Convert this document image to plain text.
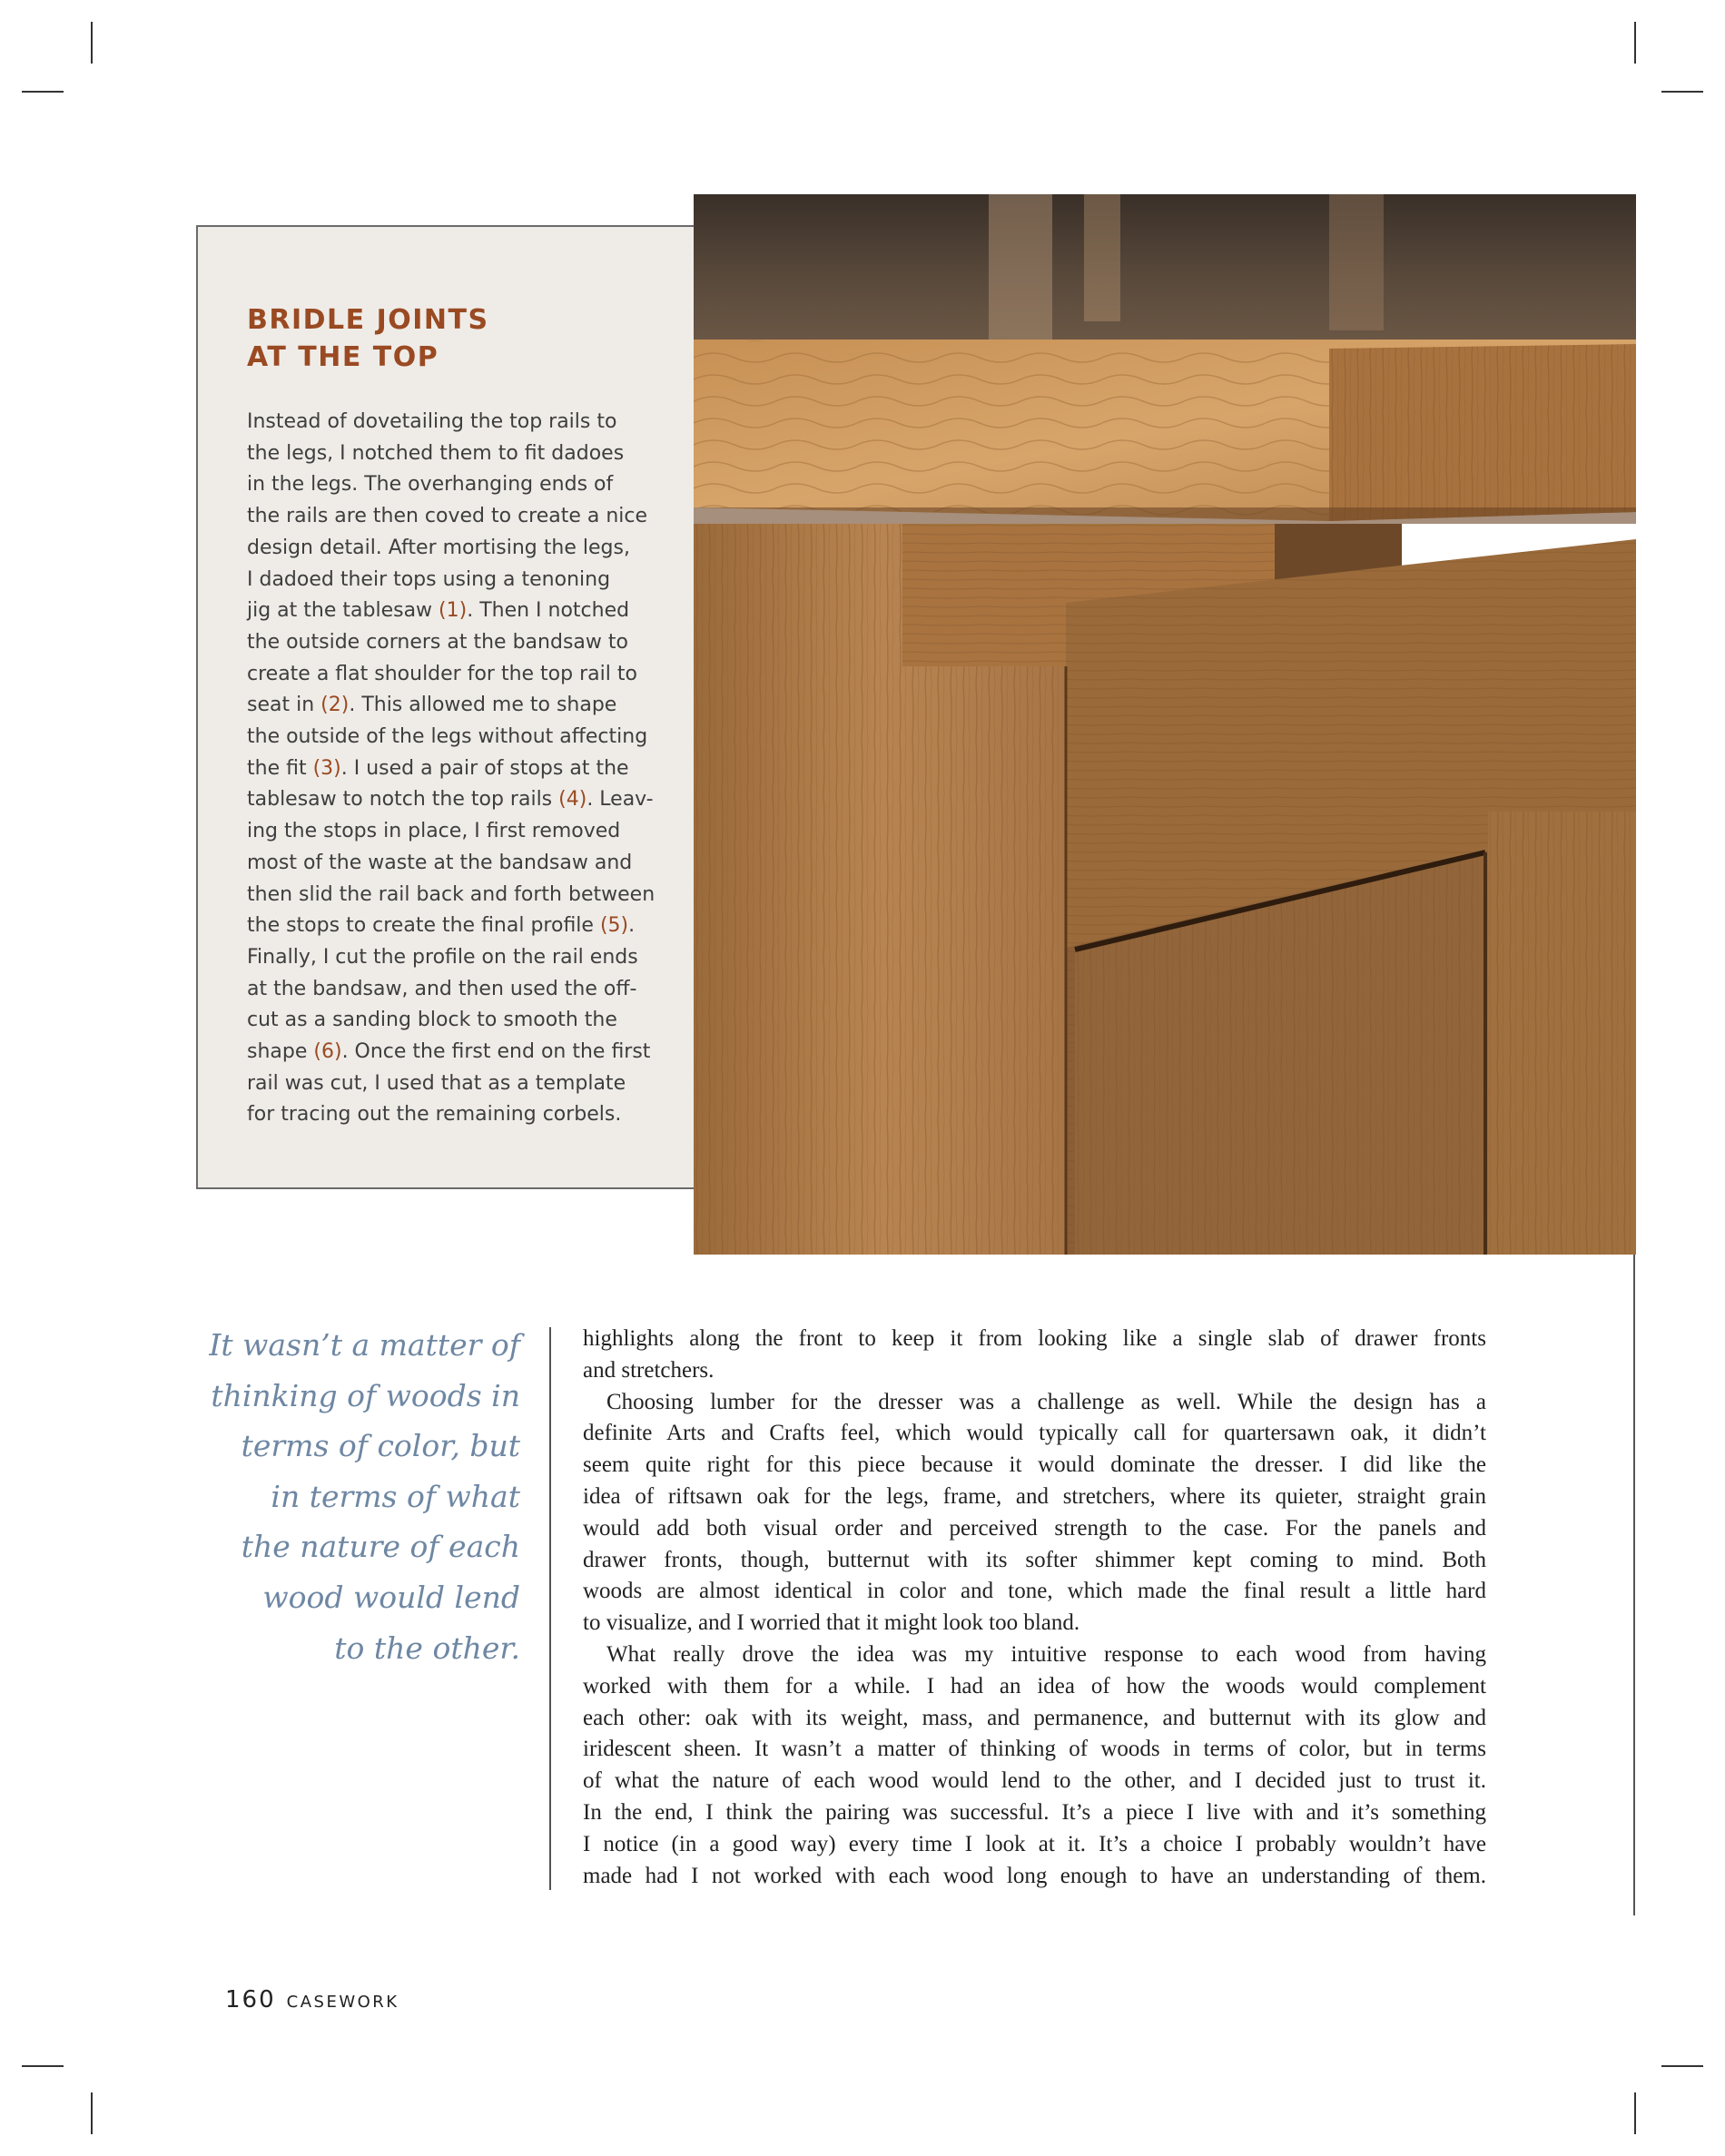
BRIDLE JOINTS
AT THE TOP

Instead of dovetailing the top rails to
the legs, I notched them to fit dadoes
in the legs. The overhanging ends of
the rails are then coved to create a nice
design detail. After mortising the legs,
I dadoed their tops using a tenoning
jig at the tablesaw (1). Then I notched
the outside corners at the bandsaw to
create a flat shoulder for the top rail to
seat in (2). This allowed me to shape
the outside of the legs without affecting
the fit (3). I used a pair of stops at the
tablesaw to notch the top rails (4). Leav-
ing the stops in place, I first removed
most of the waste at the bandsaw and
then slid the rail back and forth between
the stops to create the final profile (5).
Finally, I cut the profile on the rail ends
at the bandsaw, and then used the off-
cut as a sanding block to smooth the
shape (6). Once the first end on the first
rail was cut, I used that as a template
for tracing out the remaining corbels.

It wasn’t a matter of
thinking of woods in
terms of color, but
in terms of what
the nature of each
wood would lend
to the other.

highlights along the front to keep it from looking like a single slab of drawer fronts
and stretchers.
Choosing lumber for the dresser was a challenge as well. While the design has a
definite Arts and Crafts feel, which would typically call for quartersawn oak, it didn’t
seem quite right for this piece because it would dominate the dresser. I did like the
idea of riftsawn oak for the legs, frame, and stretchers, where its quieter, straight grain
would add both visual order and perceived strength to the case. For the panels and
drawer fronts, though, butternut with its softer shimmer kept coming to mind. Both
woods are almost identical in color and tone, which made the final result a little hard
to visualize, and I worried that it might look too bland.
What really drove the idea was my intuitive response to each wood from having
worked with them for a while. I had an idea of how the woods would complement
each other: oak with its weight, mass, and permanence, and butternut with its glow and
iridescent sheen. It wasn’t a matter of thinking of woods in terms of color, but in terms
of what the nature of each wood would lend to the other, and I decided just to trust it.
In the end, I think the pairing was successful. It’s a piece I live with and it’s something
I notice (in a good way) every time I look at it. It’s a choice I probably wouldn’t have
made had I not worked with each wood long enough to have an understanding of them.
160 CASEWORK
